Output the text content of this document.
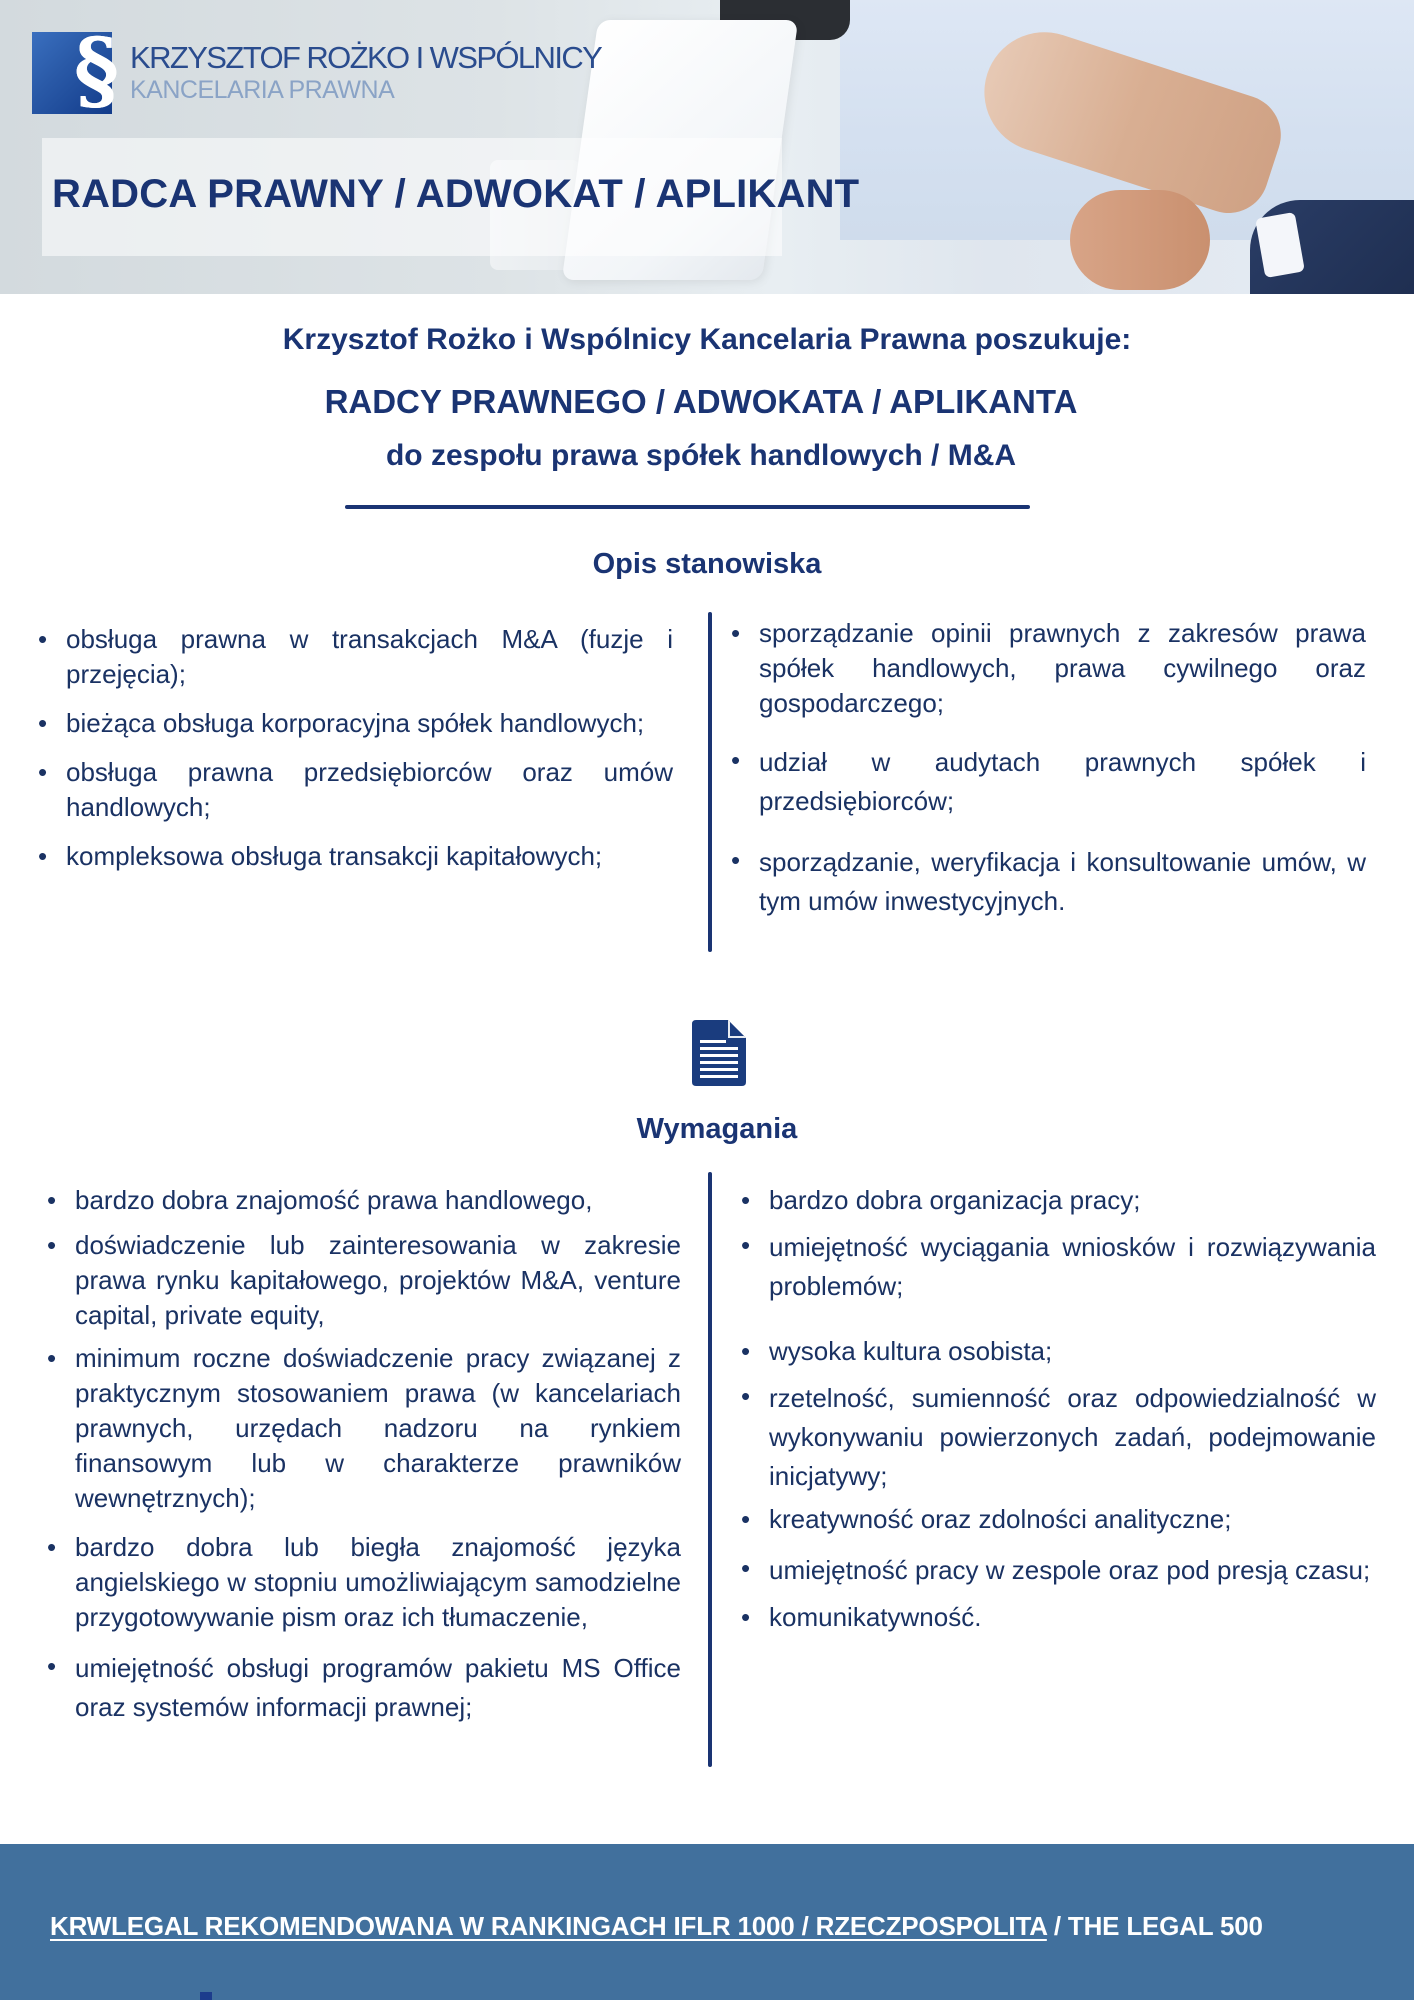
§ KRZYSZTOF ROŻKO I WSPÓLNICY
KANCELARIA PRAWNA
RADCA PRAWNY / ADWOKAT / APLIKANT
Krzysztof Rożko i Wspólnicy Kancelaria Prawna poszukuje:
RADCY PRAWNEGO / ADWOKATA / APLIKANTA
do zespołu prawa spółek handlowych / M&A
Opis stanowiska
• obsługa prawna w transakcjach M&A (fuzje i przejęcia);
• bieżąca obsługa korporacyjna spółek handlowych;
• obsługa prawna przedsiębiorców oraz umów handlowych;
• kompleksowa obsługa transakcji kapitałowych;
• sporządzanie opinii prawnych z zakresów prawa spółek handlowych, prawa cywilnego oraz gospodarczego;
• udział w audytach prawnych spółek i przedsiębiorców;
• sporządzanie, weryfikacja i konsultowanie umów, w tym umów inwestycyjnych.
Wymagania
• bardzo dobra znajomość prawa handlowego,
• doświadczenie lub zainteresowania w zakresie prawa rynku kapitałowego, projektów M&A, venture capital, private equity,
• minimum roczne doświadczenie pracy związanej z praktycznym stosowaniem prawa (w kancelariach prawnych, urzędach nadzoru na rynkiem finansowym lub w charakterze prawników wewnętrznych);
• bardzo dobra lub biegła znajomość języka angielskiego w stopniu umożliwiającym samodzielne przygotowywanie pism oraz ich tłumaczenie,
• umiejętność obsługi programów pakietu MS Office oraz systemów informacji prawnej;
• bardzo dobra organizacja pracy;
• umiejętność wyciągania wniosków i rozwiązywania problemów;
• wysoka kultura osobista;
• rzetelność, sumienność oraz odpowiedzialność w wykonywaniu powierzonych zadań, podejmowanie inicjatywy;
• kreatywność oraz zdolności analityczne;
• umiejętność pracy w zespole oraz pod presją czasu;
• komunikatywność.
KRWLEGAL REKOMENDOWANA W RANKINGACH IFLR 1000 / RZECZPOSPOLITA / THE LEGAL 500
